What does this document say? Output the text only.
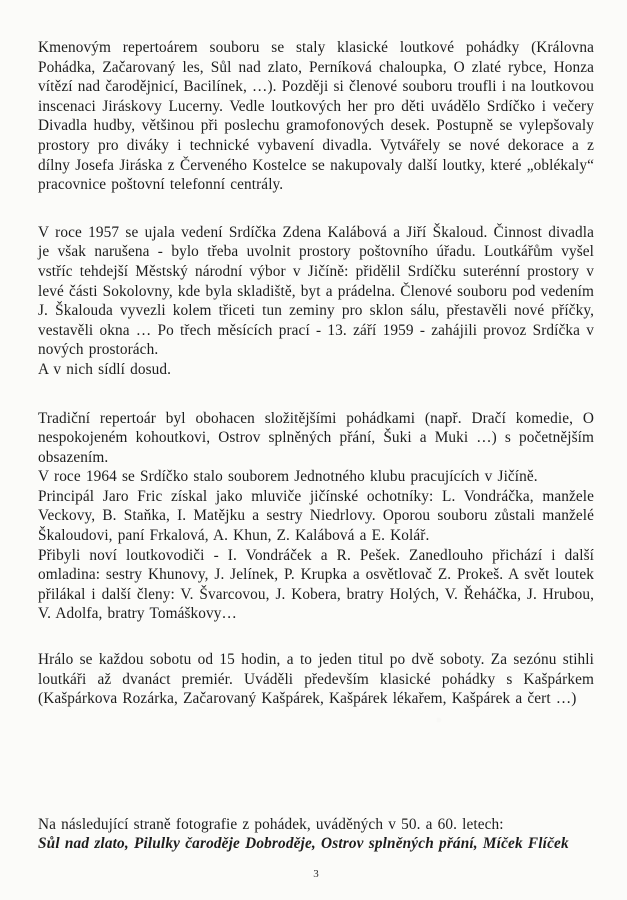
Kmenovým repertoárem souboru se staly klasické loutkové pohádky (Královna Pohádka, Začarovaný les, Sůl nad zlato, Perníková chaloupka, O zlaté rybce, Honza vítězí nad čarodějnicí, Bacilínek, …). Později si členové souboru troufli i na loutkovou inscenaci Jiráskovy Lucerny. Vedle loutkových her pro děti uvádělo Srdíčko i večery Divadla hudby, většinou při poslechu gramofonových desek. Postupně se vylepšovaly prostory pro diváky i technické vybavení divadla. Vytvářely se nové dekorace a z dílny Josefa Jiráska z Červeného Kostelce se nakupovaly další loutky, které „oblékaly“ pracovnice poštovní telefonní centrály.

V roce 1957 se ujala vedení Srdíčka Zdena Kalábová a Jiří Škaloud. Činnost divadla je však narušena - bylo třeba uvolnit prostory poštovního úřadu. Loutkářům vyšel vstříc tehdejší Městský národní výbor v Jičíně: přidělil Srdíčku suterénní prostory v levé části Sokolovny, kde byla skladiště, byt a prádelna. Členové souboru pod vedením J. Škalouda vyvezli kolem třiceti tun zeminy pro sklon sálu, přestavěli nové příčky, vestavěli okna … Po třech měsících prací - 13. září 1959 - zahájili provoz Srdíčka v nových prostorách.

A v nich sídlí dosud.

Tradiční repertoár byl obohacen složitějšími pohádkami (např. Dračí komedie, O nespokojeném kohoutkovi, Ostrov splněných přání, Šuki a Muki …) s početnějším obsazením.

V roce 1964 se Srdíčko stalo souborem Jednotného klubu pracujících v Jičíně.

Principál Jaro Fric získal jako mluviče jičínské ochotníky: L. Vondráčka, manžele Veckovy, B. Staňka, I. Matějku a sestry Niedrlovy. Oporou souboru zůstali manželé Škaloudovi, paní Frkalová, A. Khun, Z. Kalábová a E. Kolář.

Přibyli noví loutkovodiči - I. Vondráček a R. Pešek. Zanedlouho přichází i další omladina: sestry Khunovy, J. Jelínek, P. Krupka a osvětlovač Z. Prokeš. A svět loutek přilákal i další členy: V. Švarcovou, J. Kobera, bratry Holých, V. Řeháčka, J. Hrubou, V. Adolfa, bratry Tomáškovy…

Hrálo se každou sobotu od 15 hodin, a to jeden titul po dvě soboty. Za sezónu stihli loutkáři až dvanáct premiér. Uváděli především klasické pohádky s Kašpárkem (Kašpárkova Rozárka, Začarovaný Kašpárek, Kašpárek lékařem, Kašpárek a čert …)

Na následující straně fotografie z pohádek, uváděných v 50. a 60. letech:

Sůl nad zlato, Pilulky čaroděje Dobroděje, Ostrov splněných přání, Míček Flíček

3
